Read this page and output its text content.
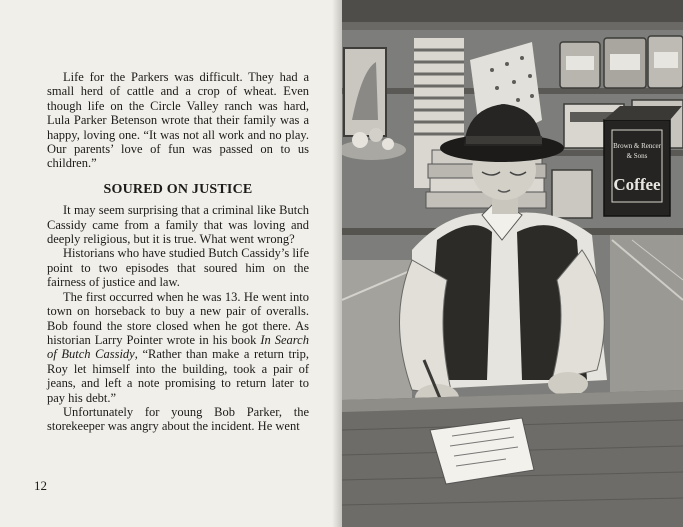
Life for the Parkers was difficult. They had a small herd of cattle and a crop of wheat. Even though life on the Circle Valley ranch was hard, Lula Parker Betenson wrote that their family was a happy, loving one. “It was not all work and no play. Our parents’ love of fun was passed on to us children.”

SOURED ON JUSTICE

It may seem surprising that a criminal like Butch Cassidy came from a family that was loving and deeply religious, but it is true. What went wrong?

Historians who have studied Butch Cassidy’s life point to two episodes that soured him on the fairness of justice and law.

The first occurred when he was 13. He went into town on horseback to buy a new pair of overalls. Bob found the store closed when he got there. As historian Larry Pointer wrote in his book In Search of Butch Cassidy, “Rather than make a return trip, Roy let himself into the building, took a pair of jeans, and left a note promising to return later to pay his debt.”

Unfortunately for young Bob Parker, the storekeeper was angry about the incident. He went

12
Brown & Rencer
& Sons
Coffee
